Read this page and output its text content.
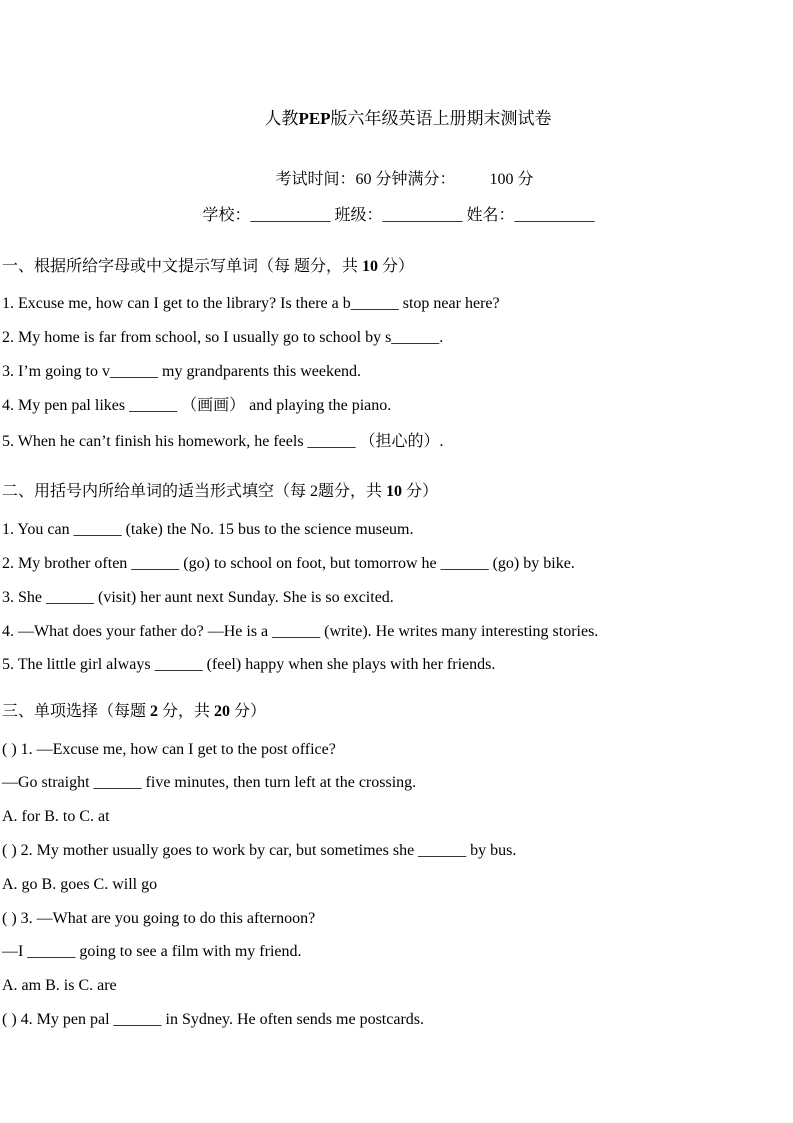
人教PEP版六年级英语上册期末测试卷
考试时间：60 分钟满分： 100 分
学校：__________ 班级：__________ 姓名：__________
一、根据所给字母或中文提示写单词（每 题分，共 10 分）
1. Excuse me, how can I get to the library? Is there a b______ stop near here?
2. My home is far from school, so I usually go to school by s______.
3. I’m going to v______ my grandparents this weekend.
4. My pen pal likes ______ （画画） and playing the piano.
5. When he can’t finish his homework, he feels ______ （担心的）.
二、用括号内所给单词的适当形式填空（每 2题分，共 10 分）
1. You can ______ (take) the No. 15 bus to the science museum.
2. My brother often ______ (go) to school on foot, but tomorrow he ______ (go) by bike.
3. She ______ (visit) her aunt next Sunday. She is so excited.
4. —What does your father do? —He is a ______ (write). He writes many interesting stories.
5. The little girl always ______ (feel) happy when she plays with her friends.
三、单项选择（每题 2 分，共 20 分）
( ) 1. —Excuse me, how can I get to the post office?
—Go straight ______ five minutes, then turn left at the crossing.
A. for B. to C. at
( ) 2. My mother usually goes to work by car, but sometimes she ______ by bus.
A. go B. goes C. will go
( ) 3. —What are you going to do this afternoon?
—I ______ going to see a film with my friend.
A. am B. is C. are
( ) 4. My pen pal ______ in Sydney. He often sends me postcards.
